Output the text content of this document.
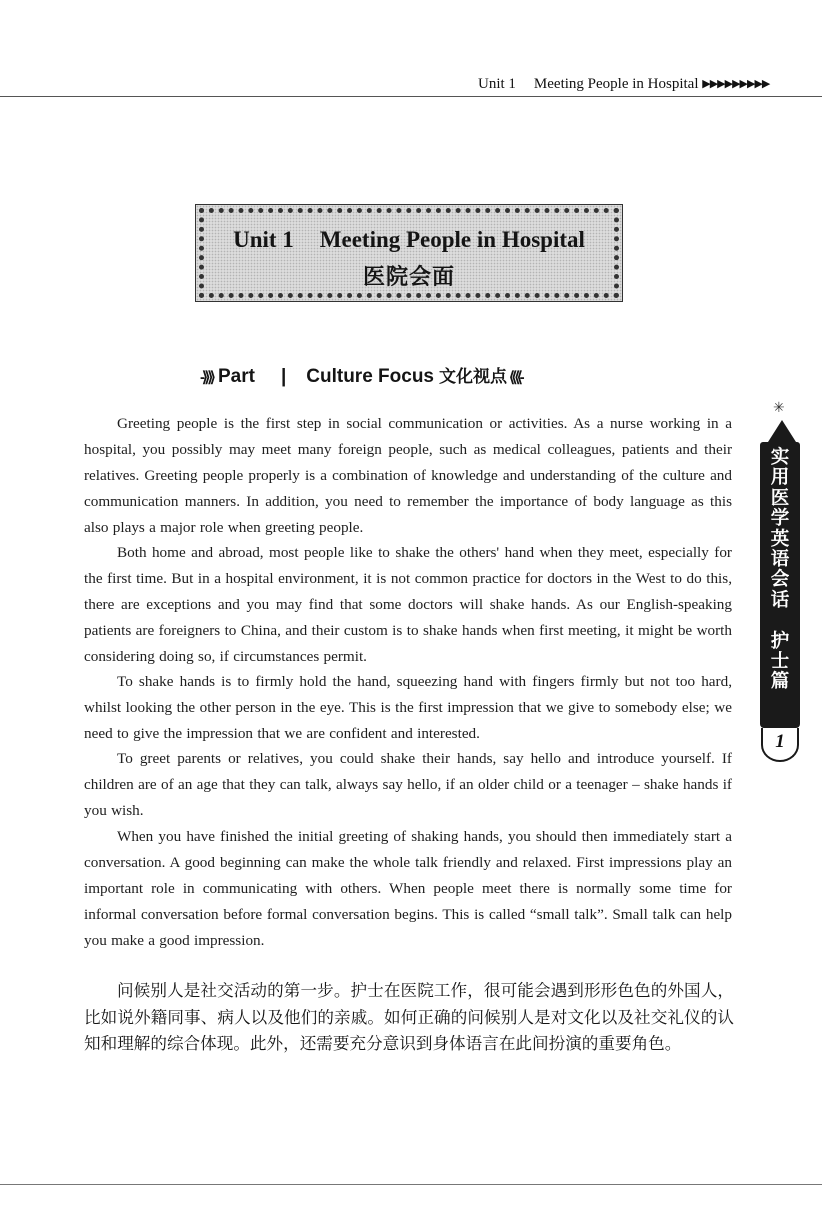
Unit 1 Meeting People in Hospital ▶▶▶▶▶▶▶▶▶
Unit 1 Meeting People in Hospital
医院会面
-⟫⟫ Part | Culture Focus 文化视点 ⟪⟪-

Greeting people is the first step in social communication or activities. As a nurse working in a hospital, you possibly may meet many foreign people, such as medical colleagues, patients and their relatives. Greeting people properly is a combination of knowledge and understanding of the culture and communication manners. In addition, you need to remember the importance of body language as this also plays a major role when greeting people.

Both home and abroad, most people like to shake the others' hand when they meet, especially for the first time. But in a hospital environment, it is not common practice for doctors in the West to do this, there are exceptions and you may find that some doctors will shake hands. As our English-speaking patients are foreigners to China, and their custom is to shake hands when first meeting, it might be worth considering doing so, if circumstances permit.

To shake hands is to firmly hold the hand, squeezing hand with fingers firmly but not too hard, whilst looking the other person in the eye. This is the first impression that we give to somebody else; we need to give the impression that we are confident and interested.

To greet parents or relatives, you could shake their hands, say hello and introduce yourself. If children are of an age that they can talk, always say hello, if an older child or a teenager – shake hands if you wish.

When you have finished the initial greeting of shaking hands, you should then immediately start a conversation. A good beginning can make the whole talk friendly and relaxed. First impressions play an important role in communicating with others. When people meet there is normally some time for informal conversation before formal conversation begins. This is called “small talk”. Small talk can help you make a good impression.

问候别人是社交活动的第一步。护士在医院工作，很可能会遇到形形色色的外国人，比如说外籍同事、病人以及他们的亲戚。如何正确的问候别人是对文化以及社交礼仪的认知和理解的综合体现。此外，还需要充分意识到身体语言在此间扮演的重要角色。

✳
实
用
医
学
英
语
会
话

护
士
篇
1
